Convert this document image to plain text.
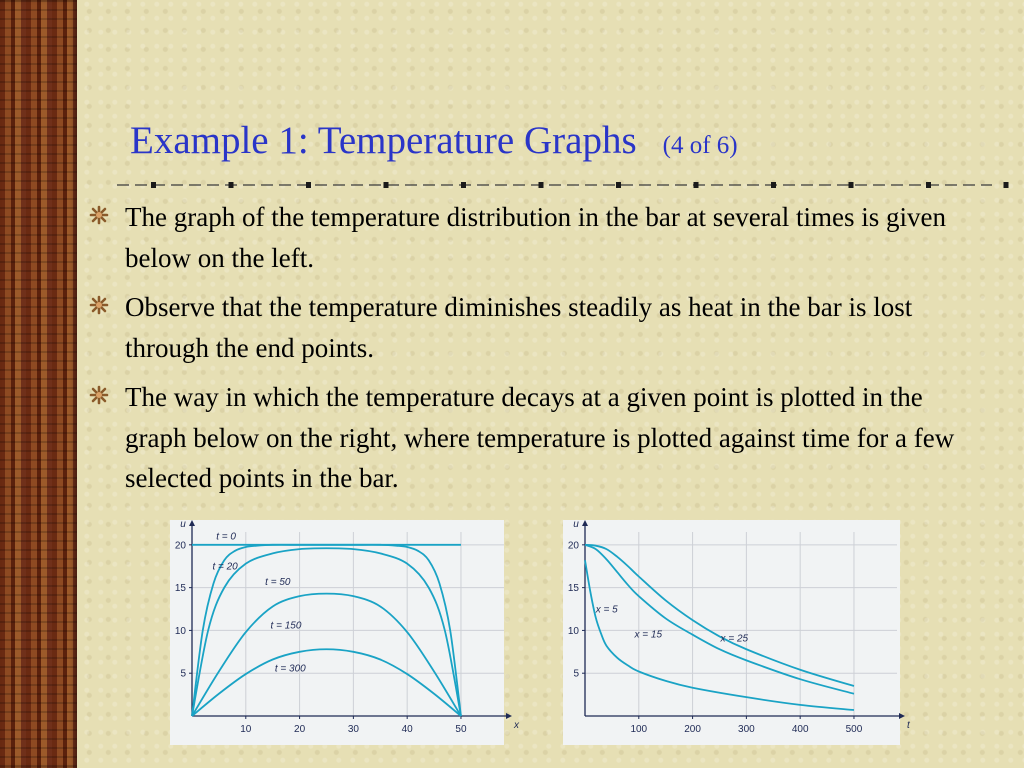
Example 1: Temperature Graphs (4 of 6)
The graph of the temperature distribution in the bar at several times is given below on the left.
Observe that the temperature diminishes steadily as heat in the bar is lost through the end points.
The way in which the temperature decays at a given point is plotted in the graph below on the right, where temperature is plotted against time for a few selected points in the bar.
10	20	30	40	50
5
10
15
20
u
x
t = 0
t = 20
t = 50
t = 150
t = 300
100	200	300	400	500
5
10
15
20
u
t
x = 5
x = 15	x = 25
